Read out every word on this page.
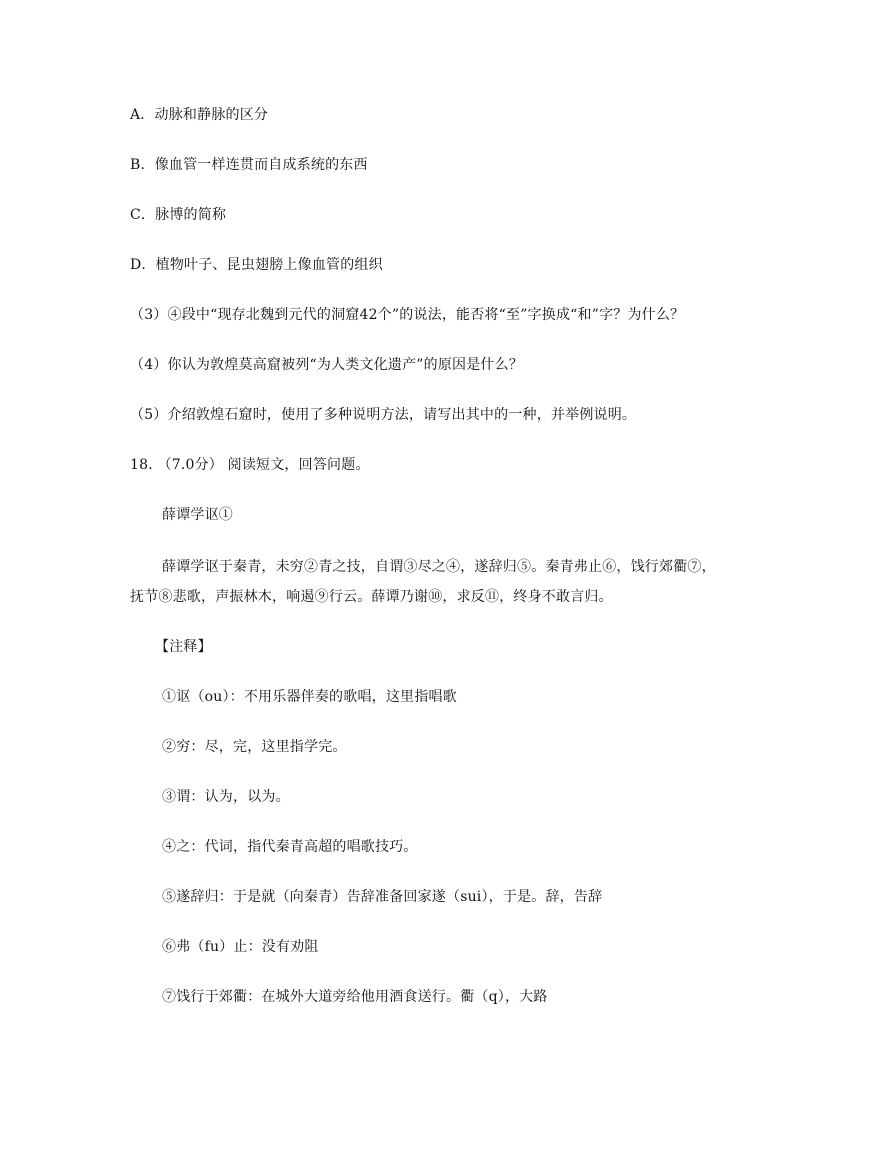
A．动脉和静脉的区分
B．像血管一样连贯而自成系统的东西
C．脉博的简称
D．植物叶子、昆虫翅膀上像血管的组织
（3）④段中“现存北魏到元代的洞窟42个”的说法，能否将“至”字换成“和”字？为什么？
（4）你认为敦煌莫高窟被列“为人类文化遗产”的原因是什么？
（5）介绍敦煌石窟时，使用了多种说明方法，请写出其中的一种，并举例说明。
18. （7.0分） 阅读短文，回答问题。
薛谭学讴①
薛谭学讴于秦青，未穷②青之技，自谓③尽之④，遂辞归⑤。秦青弗止⑥，饯行郊衢⑦，
抚节⑧悲歌，声振林木，响遏⑨行云。薛谭乃谢⑩，求反⑪，终身不敢言归。
【注释】
①讴（ou）：不用乐器伴奏的歌唱，这里指唱歌
②穷：尽，完，这里指学完。
③谓：认为，以为。
④之：代词，指代秦青高超的唱歌技巧。
⑤遂辞归：于是就（向秦青）告辞准备回家遂（sui），于是。辞，告辞
⑥弗（fu）止：没有劝阻
⑦饯行于郊衢：在城外大道旁给他用酒食送行。衢（q），大路
